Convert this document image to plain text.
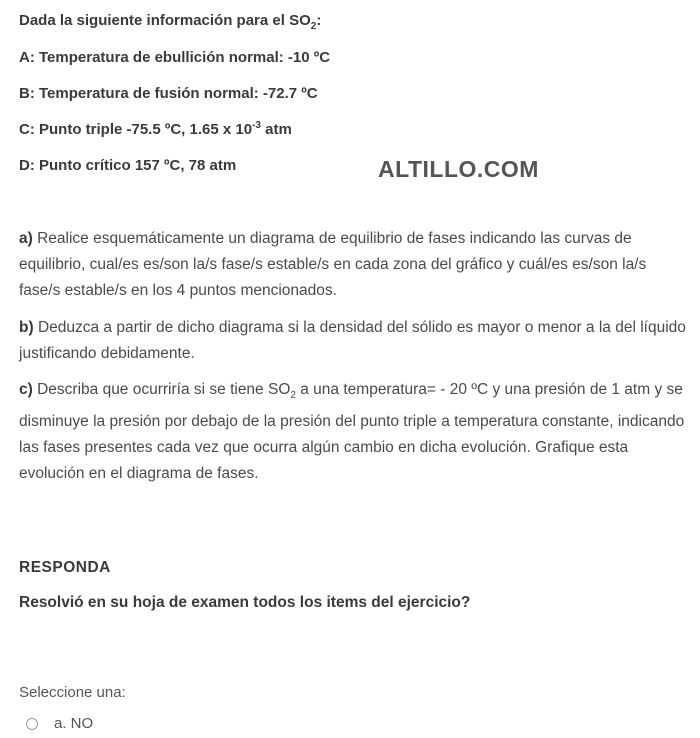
Dada la siguiente información para el $SO_2$:
A: Temperatura de ebullición normal: -10 ºC
B: Temperatura de fusión normal: -72.7 ºC
C: Punto triple -75.5 ºC, 1.65 x $10^{-3}$ atm
D: Punto crítico 157 ºC, 78 atm	ALTILLO.COM
a) Realice esquemáticamente un diagrama de equilibrio de fases indicando las curvas de equilibrio, cual/es es/son la/s fase/s estable/s en cada zona del gráfico y cuál/es es/son la/s fase/s estable/s en los 4 puntos mencionados.
b) Deduzca a partir de dicho diagrama si la densidad del sólido es mayor o menor a la del líquido justificando debidamente.
c) Describa que ocurriría si se tiene $SO_2$ a una temperatura= - 20 ºC y una presión de 1 atm y se disminuye la presión por debajo de la presión del punto triple a temperatura constante, indicando las fases presentes cada vez que ocurra algún cambio en dicha evolución. Grafique esta evolución en el diagrama de fases.
RESPONDA
Resolvió en su hoja de examen todos los items del ejercicio?
Seleccione una:
a. NO
